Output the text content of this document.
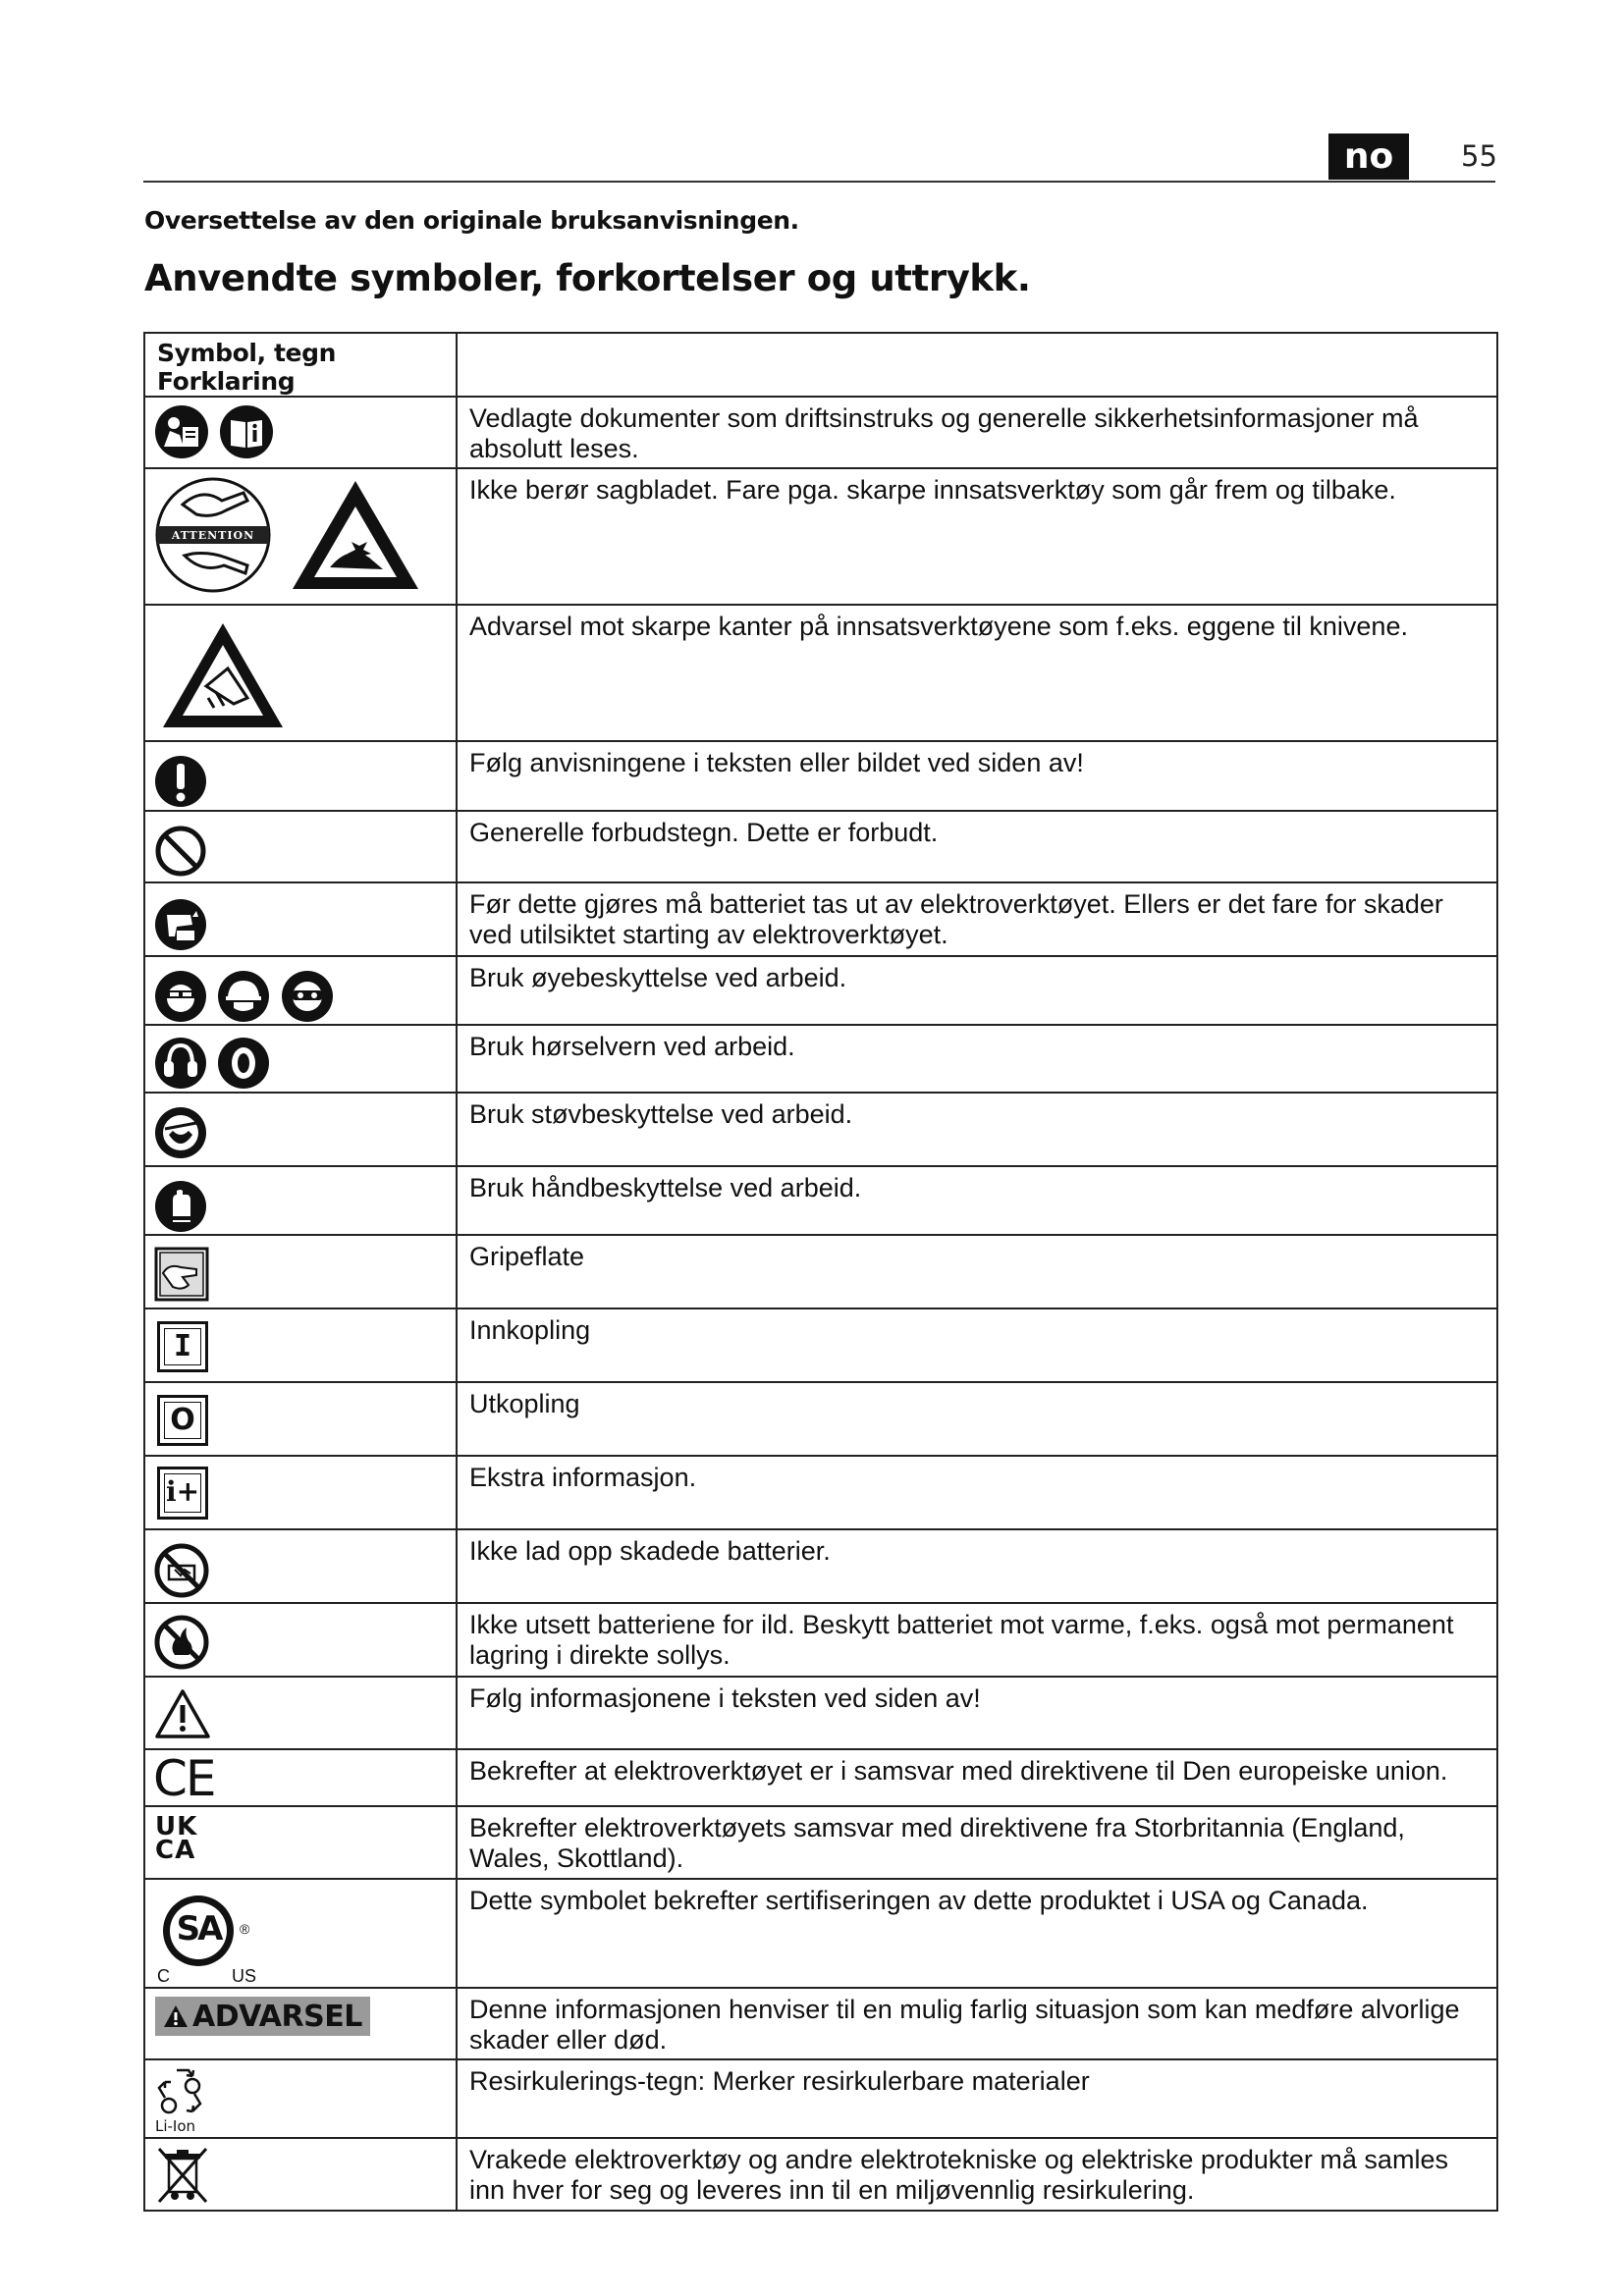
no	55
Oversettelse av den originale bruksanvisningen.
Anvendte symboler, forkortelser og uttrykk.
Symbol, tegn Forklaring	

	Vedlagte dokumenter som driftsinstruks og generelle sikkerhetsinformasjoner må absolutt leses.

ATTENTION	Ikke berør sagbladet. Fare pga. skarpe innsatsverktøy som går frem og tilbake.

	Advarsel mot skarpe kanter på innsatsverktøyene som f.eks. eggene til knivene.

	Følg anvisningene i teksten eller bildet ved siden av!

	Generelle forbudstegn. Dette er forbudt.

	Før dette gjøres må batteriet tas ut av elektroverktøyet. Ellers er det fare for skader ved utilsiktet starting av elektroverktøyet.

	Bruk øyebeskyttelse ved arbeid.

	Bruk hørselvern ved arbeid.

	Bruk støvbeskyttelse ved arbeid.

	Bruk håndbeskyttelse ved arbeid.

	Gripeflate

I	Innkopling

O	Utkopling

i+	Ekstra informasjon.

	Ikke lad opp skadede batterier.

	Ikke utsett batteriene for ild. Beskytt batteriet mot varme, f.eks. også mot permanent lagring i direkte sollys.

	Følg informasjonene i teksten ved siden av!
CE	Bekrefter at elektroverktøyet er i samsvar med direktivene til Den europeiske union.

UK
CA	Bekrefter elektroverktøyets samsvar med direktivene fra Storbritannia (England, Wales, Skottland).

SA ®
C US	Dette symbolet bekrefter sertifiseringen av dette produktet i USA og Canada.

ADVARSEL	Denne informasjonen henviser til en mulig farlig situasjon som kan medføre alvorlige skader eller død.

Li-Ion	Resirkulerings-tegn: Merker resirkulerbare materialer

	Vrakede elektroverktøy og andre elektrotekniske og elektriske produkter må samles inn hver for seg og leveres inn til en miljøvennlig resirkulering.
